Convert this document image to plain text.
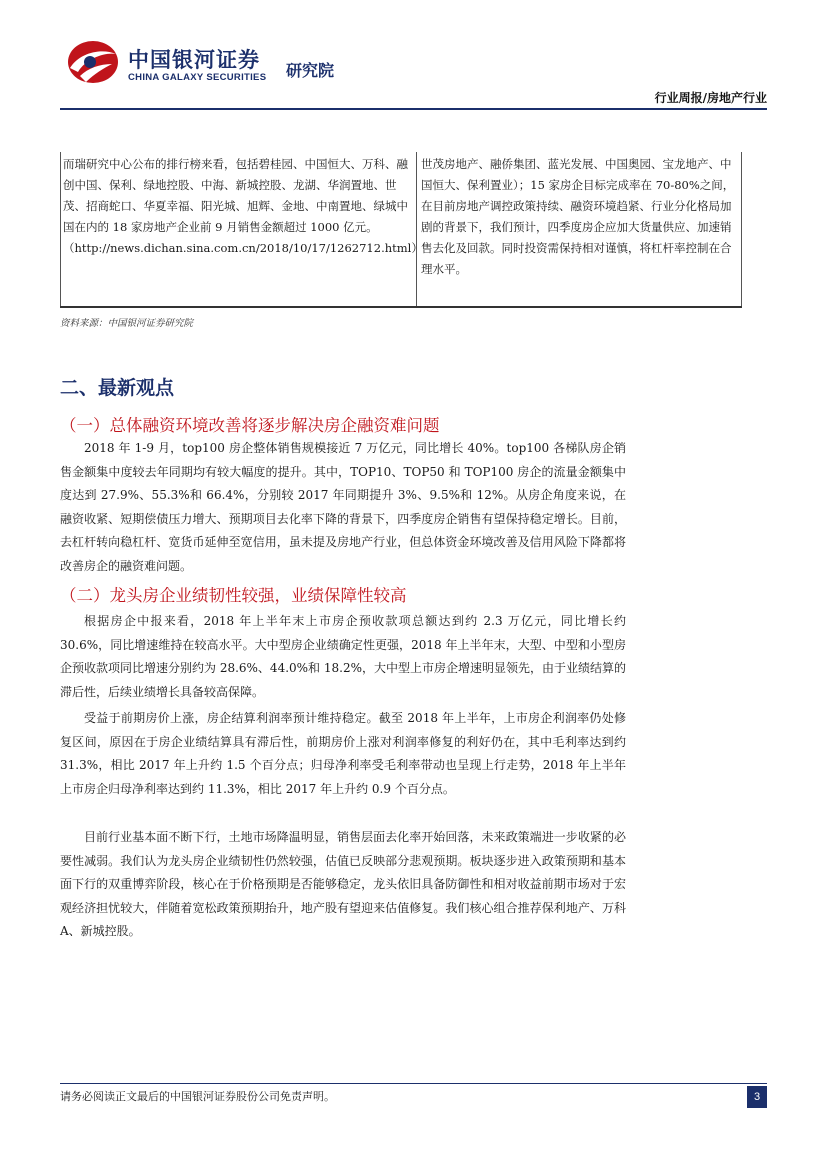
中国银河证券
CHINA GALAXY SECURITIES 研究院
行业周报/房地产行业
而瑞研究中心公布的排行榜来看，包括碧桂园、中国恒大、万科、融创中国、保利、绿地控股、中海、新城控股、龙湖、华润置地、世茂、招商蛇口、华夏幸福、阳光城、旭辉、金地、中南置地、绿城中国在内的 18 家房地产企业前 9 月销售金额超过 1000 亿元。
（http://news.dichan.sina.com.cn/2018/10/17/1262712.html）
世茂房地产、融侨集团、蓝光发展、中国奥园、宝龙地产、中国恒大、保利置业）；15 家房企目标完成率在 70-80%之间，在目前房地产调控政策持续、融资环境趋紧、行业分化格局加剧的背景下，我们预计，四季度房企应加大货量供应、加速销售去化及回款。同时投资需保持相对谨慎，将杠杆率控制在合理水平。
资料来源：中国银河证券研究院
二、最新观点
（一）总体融资环境改善将逐步解决房企融资难问题

2018 年 1-9 月，top100 房企整体销售规模接近 7 万亿元，同比增长 40%。top100 各梯队房企销售金额集中度较去年同期均有较大幅度的提升。其中，TOP10、TOP50 和 TOP100 房企的流量金额集中度达到 27.9%、55.3%和 66.4%，分别较 2017 年同期提升 3%、9.5%和 12%。从房企角度来说，在融资收紧、短期偿债压力增大、预期项目去化率下降的背景下，四季度房企销售有望保持稳定增长。目前，去杠杆转向稳杠杆、宽货币延伸至宽信用，虽未提及房地产行业，但总体资金环境改善及信用风险下降都将改善房企的融资难问题。

（二）龙头房企业绩韧性较强，业绩保障性较高

根据房企中报来看，2018 年上半年末上市房企预收款项总额达到约 2.3 万亿元，同比增长约 30.6%，同比增速维持在较高水平。大中型房企业绩确定性更强，2018 年上半年末，大型、中型和小型房企预收款项同比增速分别约为 28.6%、44.0%和 18.2%，大中型上市房企增速明显领先，由于业绩结算的滞后性，后续业绩增长具备较高保障。

受益于前期房价上涨，房企结算利润率预计维持稳定。截至 2018 年上半年，上市房企利润率仍处修复区间，原因在于房企业绩结算具有滞后性，前期房价上涨对利润率修复的利好仍在，其中毛利率达到约 31.3%，相比 2017 年上升约 1.5 个百分点；归母净利率受毛利率带动也呈现上行走势，2018 年上半年上市房企归母净利率达到约 11.3%，相比 2017 年上升约 0.9 个百分点。

目前行业基本面不断下行，土地市场降温明显，销售层面去化率开始回落，未来政策端进一步收紧的必要性减弱。我们认为龙头房企业绩韧性仍然较强，估值已反映部分悲观预期。板块逐步进入政策预期和基本面下行的双重博弈阶段，核心在于价格预期是否能够稳定，龙头依旧具备防御性和相对收益前期市场对于宏观经济担忧较大，伴随着宽松政策预期抬升，地产股有望迎来估值修复。我们核心组合推荐保利地产、万科 A、新城控股。

请务必阅读正文最后的中国银河证券股份公司免责声明。	3
